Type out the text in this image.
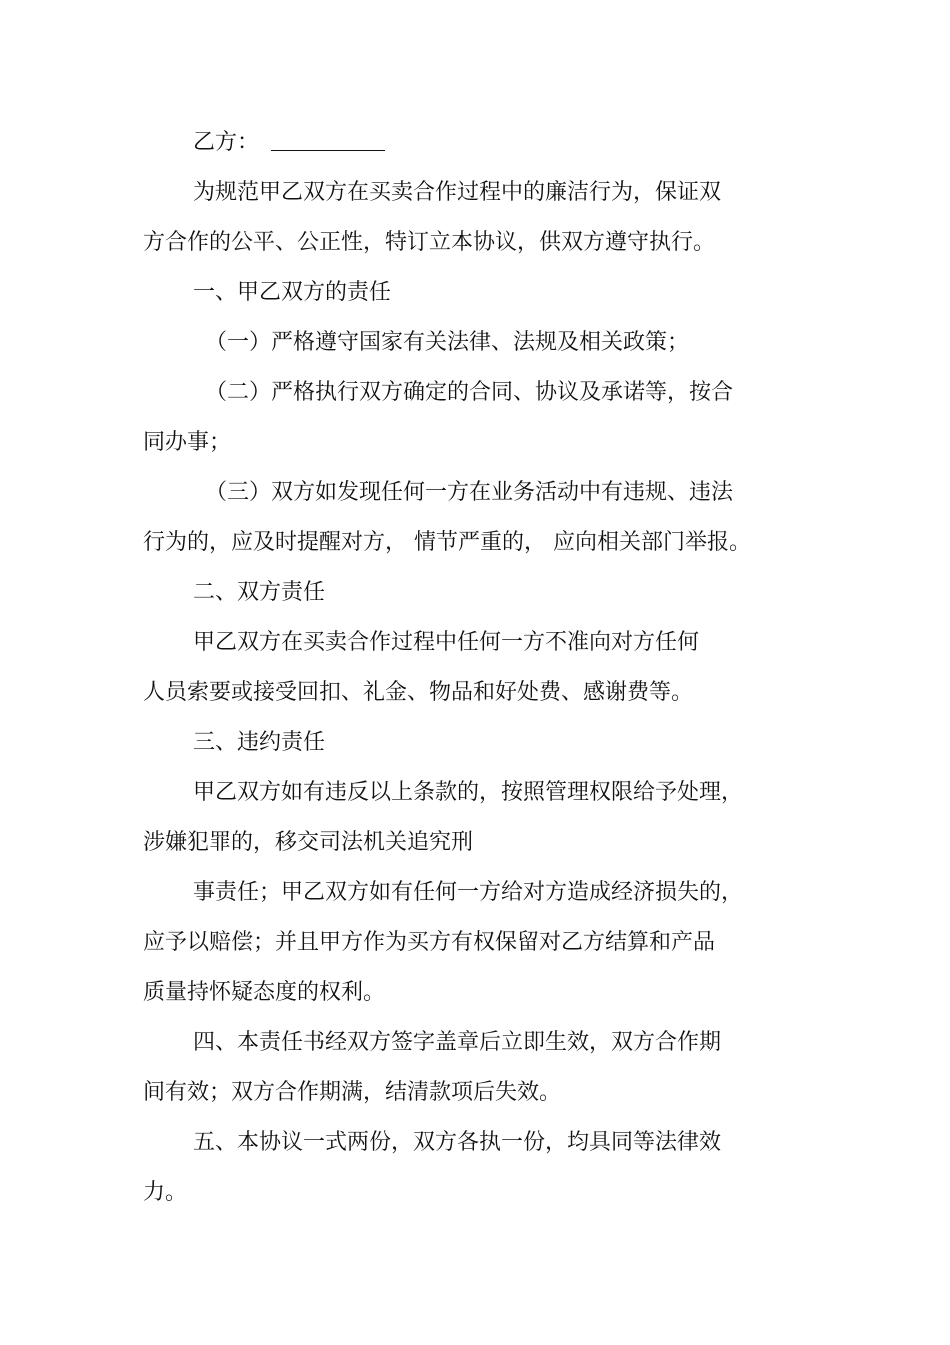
乙方：
为规范甲乙双方在买卖合作过程中的廉洁行为，保证双
方合作的公平、公正性，特订立本协议，供双方遵守执行。
一、甲乙双方的责任
（一）严格遵守国家有关法律、法规及相关政策；
（二）严格执行双方确定的合同、协议及承诺等，按合
同办事；
（三）双方如发现任何一方在业务活动中有违规、违法
行为的，应及时提醒对方， 情节严重的， 应向相关部门举报。
二、双方责任
甲乙双方在买卖合作过程中任何一方不准向对方任何
人员索要或接受回扣、礼金、物品和好处费、感谢费等。
三、违约责任
甲乙双方如有违反以上条款的，按照管理权限给予处理，
涉嫌犯罪的，移交司法机关追究刑
事责任；甲乙双方如有任何一方给对方造成经济损失的，
应予以赔偿；并且甲方作为买方有权保留对乙方结算和产品
质量持怀疑态度的权利。
四、本责任书经双方签字盖章后立即生效，双方合作期
间有效；双方合作期满，结清款项后失效。
五、本协议一式两份，双方各执一份，均具同等法律效
力。
